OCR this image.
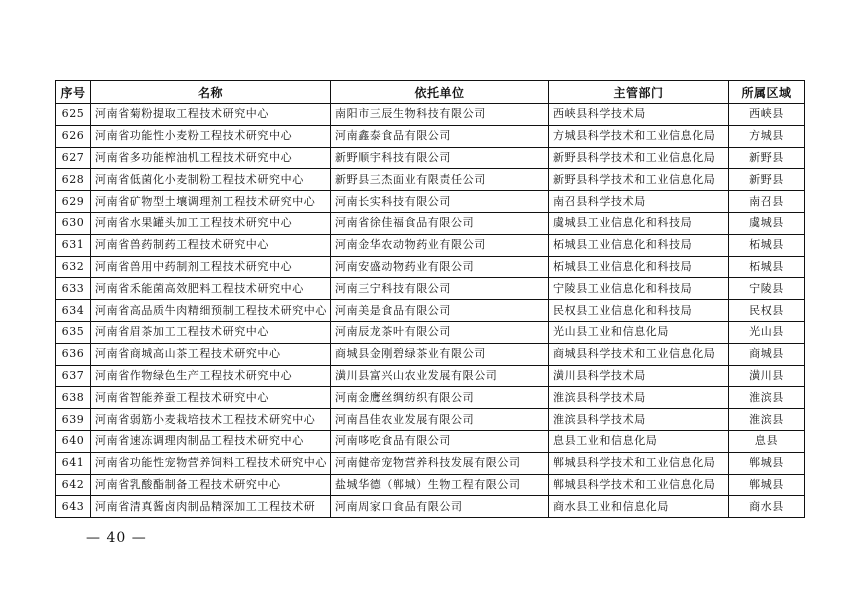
序号	名称	依托单位	主管部门	所属区域
625	河南省菊粉提取工程技术研究中心	南阳市三辰生物科技有限公司	西峡县科学技术局	西峡县
626	河南省功能性小麦粉工程技术研究中心	河南鑫泰食品有限公司	方城县科学技术和工业信息化局	方城县
627	河南省多功能榨油机工程技术研究中心	新野顺宇科技有限公司	新野县科学技术和工业信息化局	新野县
628	河南省低菌化小麦制粉工程技术研究中心	新野县三杰面业有限责任公司	新野县科学技术和工业信息化局	新野县
629	河南省矿物型土壤调理剂工程技术研究中心	河南长实科技有限公司	南召县科学技术局	南召县
630	河南省水果罐头加工工程技术研究中心	河南省徐佳福食品有限公司	虞城县工业信息化和科技局	虞城县
631	河南省兽药制药工程技术研究中心	河南金华农动物药业有限公司	柘城县工业信息化和科技局	柘城县
632	河南省兽用中药制剂工程技术研究中心	河南安盛动物药业有限公司	柘城县工业信息化和科技局	柘城县
633	河南省禾能菌高效肥料工程技术研究中心	河南三宁科技有限公司	宁陵县工业信息化和科技局	宁陵县
634	河南省高品质牛肉精细预制工程技术研究中心	河南美是食品有限公司	民权县工业信息化和科技局	民权县
635	河南省眉茶加工工程技术研究中心	河南辰龙茶叶有限公司	光山县工业和信息化局	光山县
636	河南省商城高山茶工程技术研究中心	商城县金刚碧绿茶业有限公司	商城县科学技术和工业信息化局	商城县
637	河南省作物绿色生产工程技术研究中心	潢川县富兴山农业发展有限公司	潢川县科学技术局	潢川县
638	河南省智能养蚕工程技术研究中心	河南金鹰丝绸纺织有限公司	淮滨县科学技术局	淮滨县
639	河南省弱筋小麦栽培技术工程技术研究中心	河南昌佳农业发展有限公司	淮滨县科学技术局	淮滨县
640	河南省速冻调理肉制品工程技术研究中心	河南哆吃食品有限公司	息县工业和信息化局	息县
641	河南省功能性宠物营养饲料工程技术研究中心	河南健帝宠物营养科技发展有限公司	郸城县科学技术和工业信息化局	郸城县
642	河南省乳酸酯制备工程技术研究中心	盐城华德（郸城）生物工程有限公司	郸城县科学技术和工业信息化局	郸城县
643	河南省清真酱卤肉制品精深加工工程技术研	河南周家口食品有限公司	商水县工业和信息化局	商水县
— 40 —
